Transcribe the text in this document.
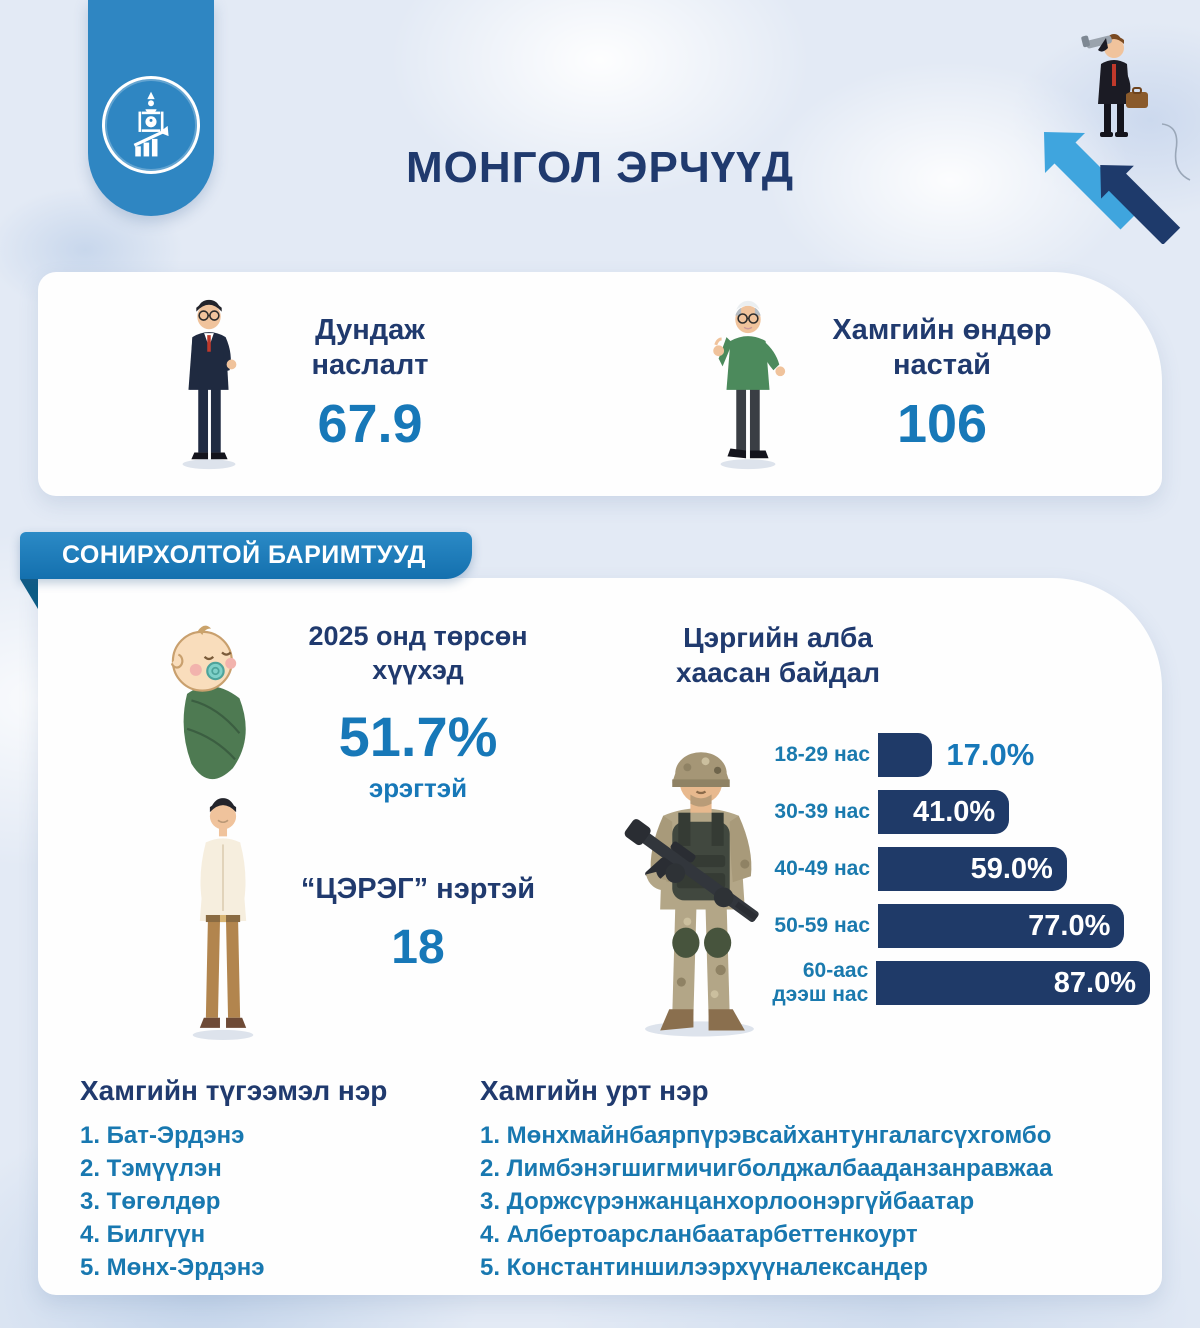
МОНГОЛ ЭРЧҮҮД
Дундаж наслалт
67.9
Хамгийн өндөр настай
106
СОНИРХОЛТОЙ БАРИМТУУД
2025 онд төрсөн хүүхэд
51.7%
эрэгтэй
“ЦЭРЭГ” нэртэй
18
Цэргийн алба
хаасан байдал
18-29 нас 17.0%
30-39 нас 41.0%
40-49 нас	59.0%
50-59 нас	77.0%
60-аас дээш нас	87.0%
Хамгийн түгээмэл нэр
1. Бат-Эрдэнэ
2. Тэмүүлэн
3. Төгөлдөр
4. Билгүүн
5. Мөнх-Эрдэнэ
Хамгийн урт нэр
1. Мөнхмайнбаярпүрэвсайхантунгалагсүхгомбо
2. Лимбэнэгшигмичигболджалбааданзанравжаа
3. Доржсүрэнжанцанхорлоонэргүйбаатар
4. Албертоарсланбаатарбеттенкоурт
5. Константиншилээрхүүналександер
